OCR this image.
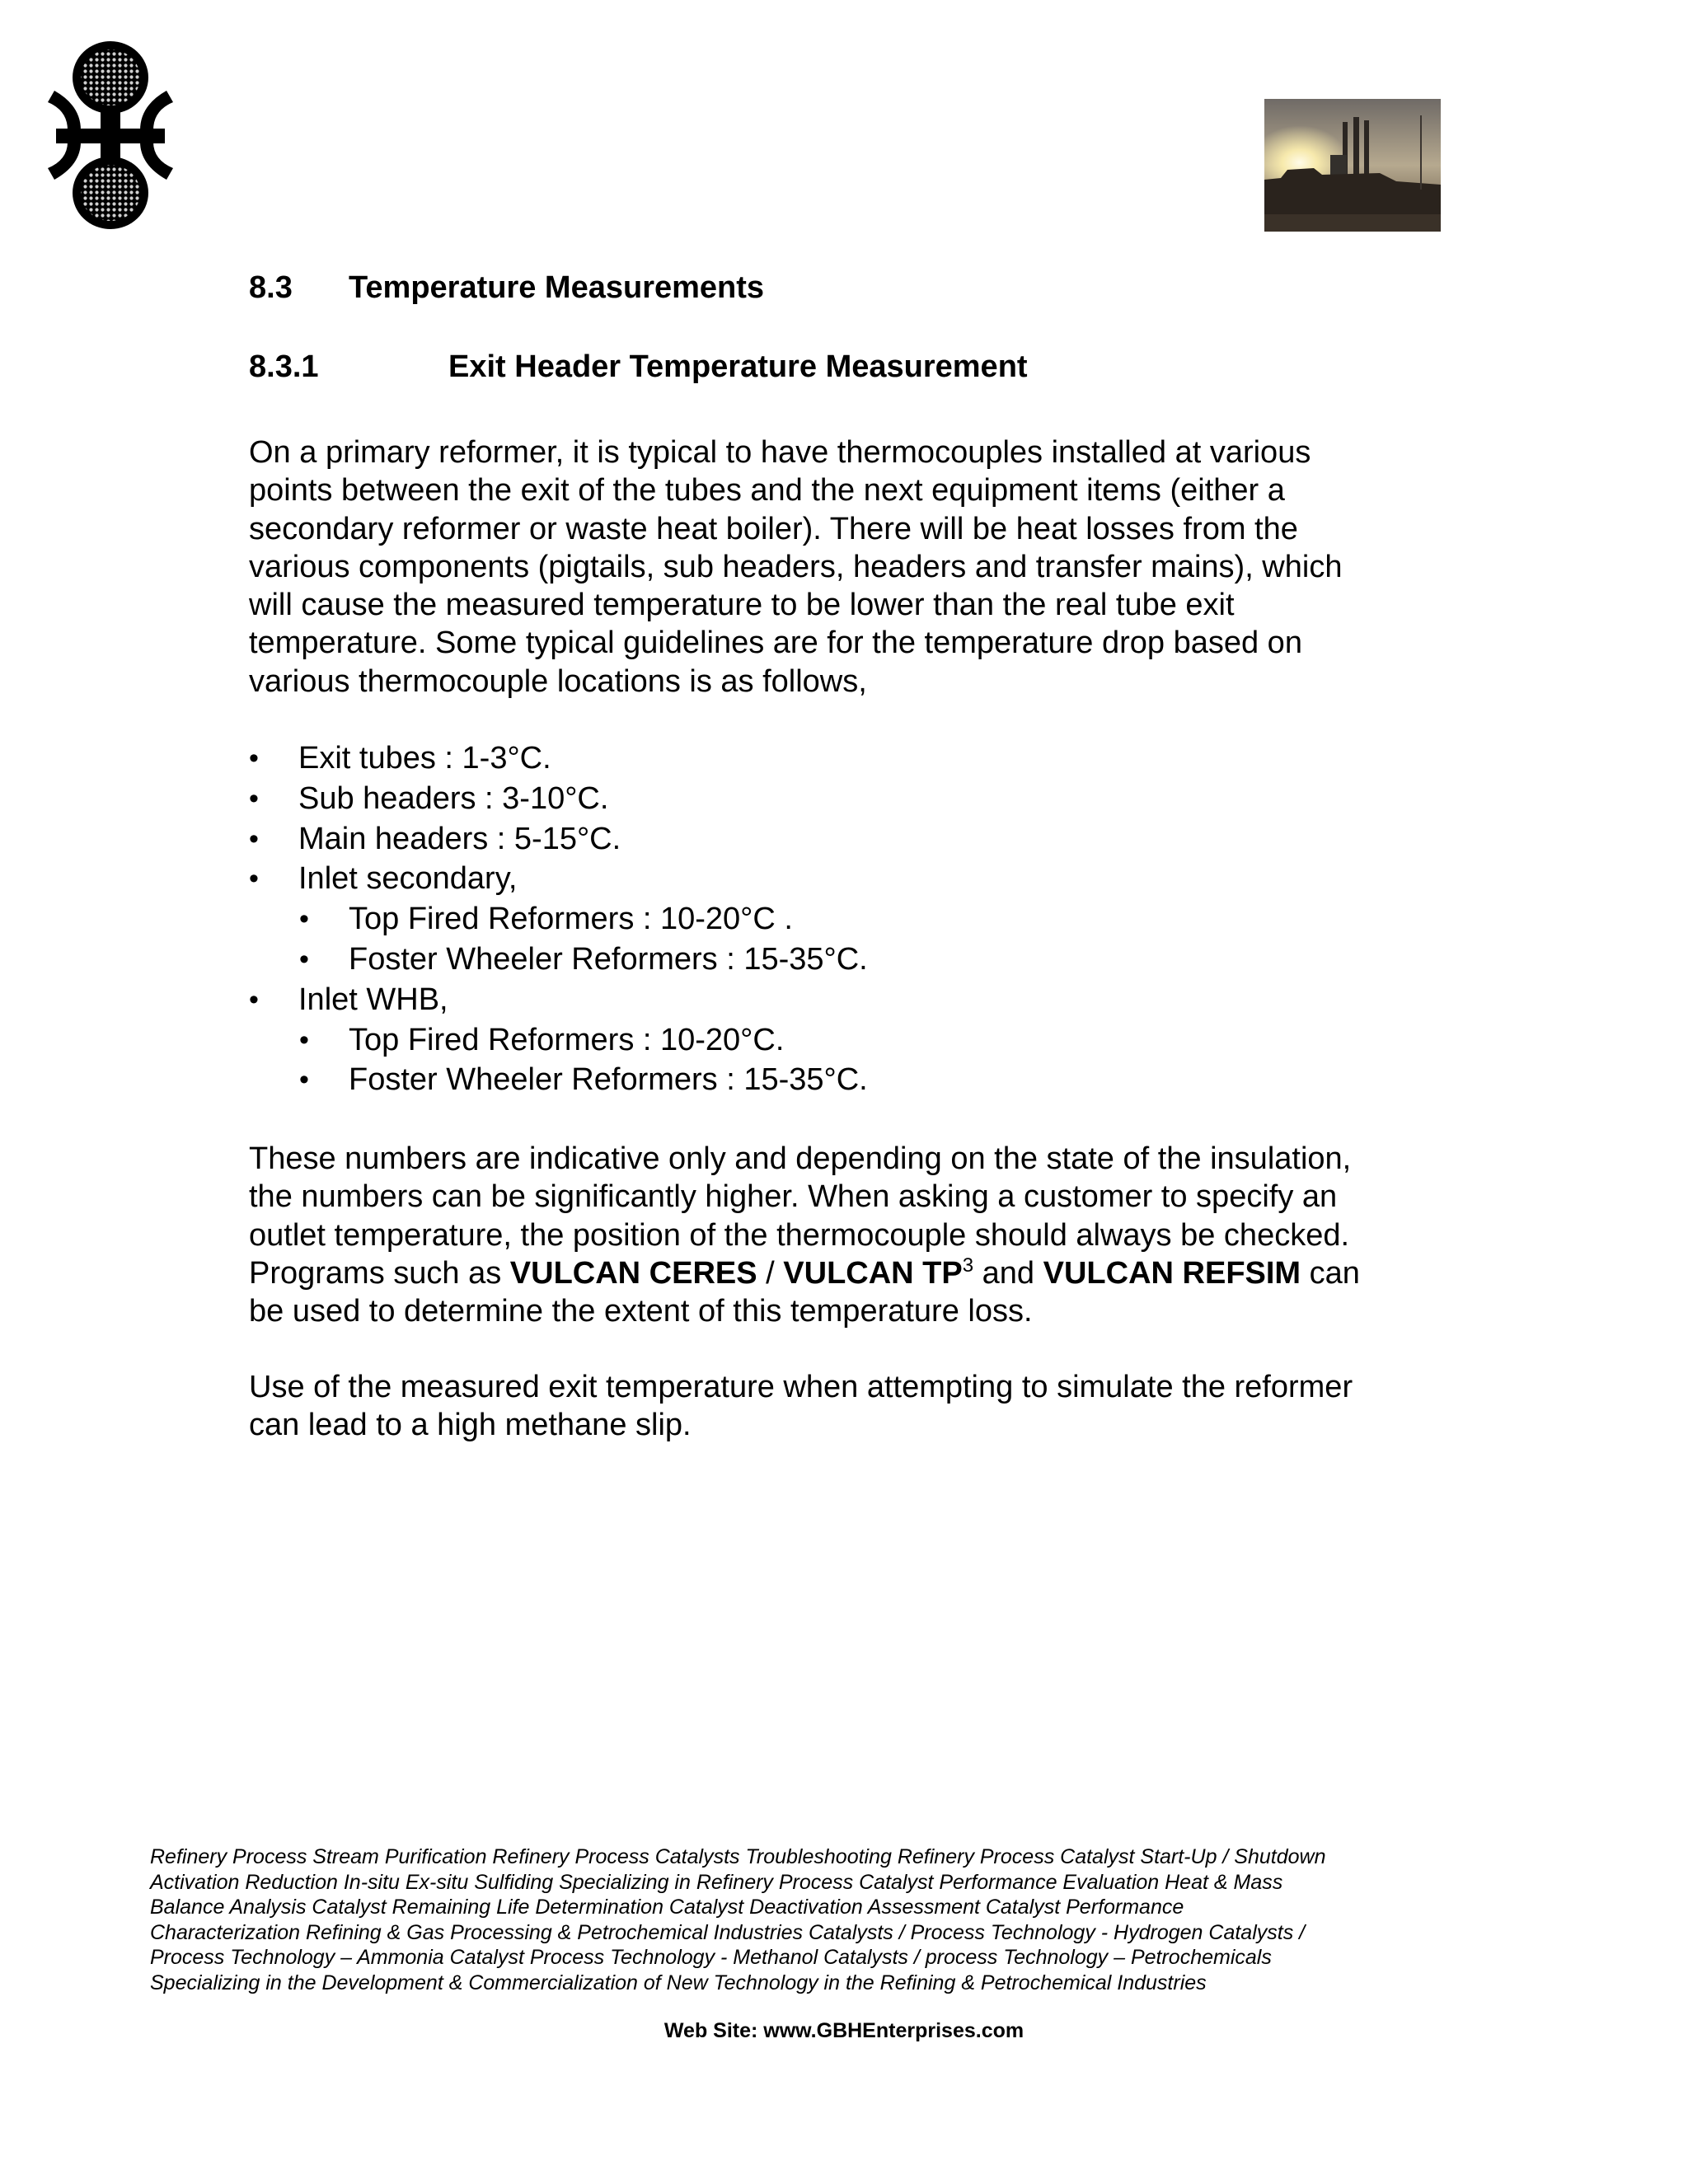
8.3 Temperature Measurements
8.3.1	Exit Header Temperature Measurement
On a primary reformer, it is typical to have thermocouples installed at various
points between the exit of the tubes and the next equipment items (either a
secondary reformer or waste heat boiler). There will be heat losses from the
various components (pigtails, sub headers, headers and transfer mains), which
will cause the measured temperature to be lower than the real tube exit
temperature. Some typical guidelines are for the temperature drop based on
various thermocouple locations is as follows,
• Exit tubes : 1-3°C.
• Sub headers : 3-10°C.
• Main headers : 5-15°C.
• Inlet secondary,
• Top Fired Reformers : 10-20°C .
• Foster Wheeler Reformers : 15-35°C.
• Inlet WHB,
• Top Fired Reformers : 10-20°C.
• Foster Wheeler Reformers : 15-35°C.
These numbers are indicative only and depending on the state of the insulation,
the numbers can be significantly higher. When asking a customer to specify an
outlet temperature, the position of the thermocouple should always be checked.
Programs such as VULCAN CERES / VULCAN $TP^3$ and VULCAN REFSIM can
be used to determine the extent of this temperature loss.
Use of the measured exit temperature when attempting to simulate the reformer
can lead to a high methane slip.
Refinery Process Stream Purification Refinery Process Catalysts Troubleshooting Refinery Process Catalyst Start-Up / Shutdown
Activation Reduction In-situ Ex-situ Sulfiding Specializing in Refinery Process Catalyst Performance Evaluation Heat & Mass
Balance Analysis Catalyst Remaining Life Determination Catalyst Deactivation Assessment Catalyst Performance
Characterization Refining & Gas Processing & Petrochemical Industries Catalysts / Process Technology - Hydrogen Catalysts /
Process Technology – Ammonia Catalyst Process Technology - Methanol Catalysts / process Technology – Petrochemicals
Specializing in the Development & Commercialization of New Technology in the Refining & Petrochemical Industries
Web Site: www.GBHEnterprises.com
